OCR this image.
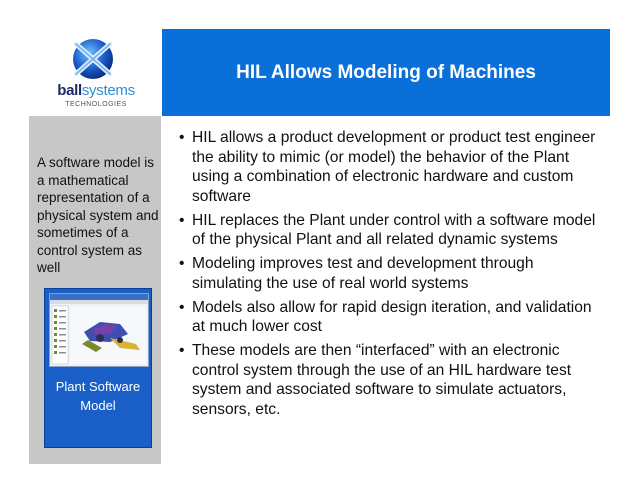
ballsystems
TECHNOLOGIES
HIL Allows Modeling of Machines
A software model is a mathematical representation of a physical system and sometimes of a control system as well
Plant Software
Model
• HIL allows a product development or product test engineer the ability to mimic (or model) the behavior of the Plant using a combination of electronic hardware and custom software
• HIL replaces the Plant under control with a software model of the physical Plant and all related dynamic systems
• Modeling improves test and development through simulating the use of real world systems
• Models also allow for rapid design iteration, and validation at much lower cost
• These models are then “interfaced” with an electronic control system through the use of an HIL hardware test system and associated software to simulate actuators, sensors, etc.
